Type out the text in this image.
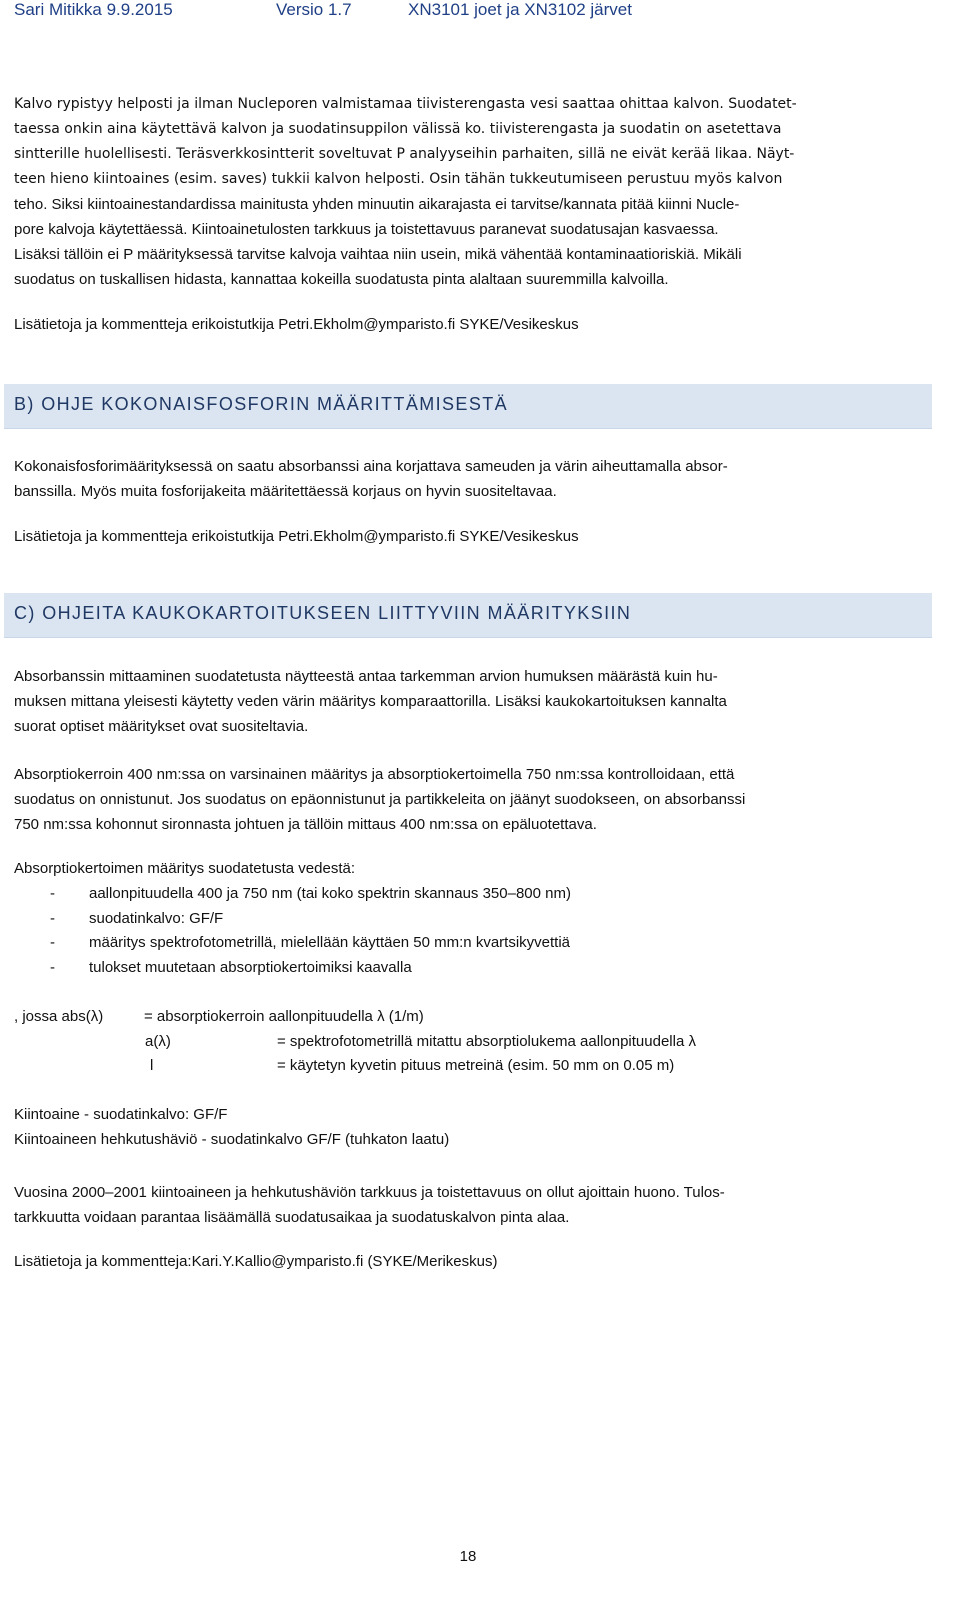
Sari Mitikka 9.9.2015	Versio 1.7	XN3101 joet ja XN3102 järvet
Kalvo rypistyy helposti ja ilman Nucleporen valmistamaa tiivisterengasta vesi saattaa ohittaa kalvon. Suodatet-
taessa onkin aina käytettävä kalvon ja suodatinsuppilon välissä ko. tiivisterengasta ja suodatin on asetettava
sintterille huolellisesti. Teräsverkkosintterit soveltuvat P analyyseihin parhaiten, sillä ne eivät kerää likaa. Näyt-
teen hieno kiintoaines (esim. saves) tukkii kalvon helposti. Osin tähän tukkeutumiseen perustuu myös kalvon
teho. Siksi kiintoainestandardissa mainitusta yhden minuutin aikarajasta ei tarvitse/kannata pitää kiinni Nucle-
pore kalvoja käytettäessä. Kiintoainetulosten tarkkuus ja toistettavuus paranevat suodatusajan kasvaessa.
Lisäksi tällöin ei P määrityksessä tarvitse kalvoja vaihtaa niin usein, mikä vähentää kontaminaatioriskiä. Mikäli
suodatus on tuskallisen hidasta, kannattaa kokeilla suodatusta pinta alaltaan suuremmilla kalvoilla.
Lisätietoja ja kommentteja erikoistutkija Petri.Ekholm@ymparisto.fi SYKE/Vesikeskus
B) OHJE KOKONAISFOSFORIN MÄÄRITTÄMISESTÄ
Kokonaisfosforimäärityksessä on saatu absorbanssi aina korjattava sameuden ja värin aiheuttamalla absor-
banssilla. Myös muita fosforijakeita määritettäessä korjaus on hyvin suositeltavaa.
Lisätietoja ja kommentteja erikoistutkija Petri.Ekholm@ymparisto.fi SYKE/Vesikeskus
C) OHJEITA KAUKOKARTOITUKSEEN LIITTYVIIN MÄÄRITYKSIIN
Absorbanssin mittaaminen suodatetusta näytteestä antaa tarkemman arvion humuksen määrästä kuin hu-
muksen mittana yleisesti käytetty veden värin määritys komparaattorilla. Lisäksi kaukokartoituksen kannalta
suorat optiset määritykset ovat suositeltavia.
Absorptiokerroin 400 nm:ssa on varsinainen määritys ja absorptiokertoimella 750 nm:ssa kontrolloidaan, että
suodatus on onnistunut. Jos suodatus on epäonnistunut ja partikkeleita on jäänyt suodokseen, on absorbanssi
750 nm:ssa kohonnut sironnasta johtuen ja tällöin mittaus 400 nm:ssa on epäluotettava.
Absorptiokertoimen määritys suodatetusta vedestä:
- aallonpituudella 400 ja 750 nm (tai koko spektrin skannaus 350–800 nm)
- suodatinkalvo: GF/F
- määritys spektrofotometrillä, mielellään käyttäen 50 mm:n kvartsikyvettiä
- tulokset muutetaan absorptiokertoimiksi kaavalla
, jossa abs(λ)	= absorptiokerroin aallonpituudella λ (1/m)
a(λ)	= spektrofotometrillä mitattu absorptiolukema aallonpituudella λ
l	= käytetyn kyvetin pituus metreinä (esim. 50 mm on 0.05 m)
Kiintoaine - suodatinkalvo: GF/F
Kiintoaineen hehkutushäviö - suodatinkalvo GF/F (tuhkaton laatu)
Vuosina 2000–2001 kiintoaineen ja hehkutushäviön tarkkuus ja toistettavuus on ollut ajoittain huono. Tulos-
tarkkuutta voidaan parantaa lisäämällä suodatusaikaa ja suodatuskalvon pinta alaa.
Lisätietoja ja kommentteja:Kari.Y.Kallio@ymparisto.fi (SYKE/Merikeskus)
18
